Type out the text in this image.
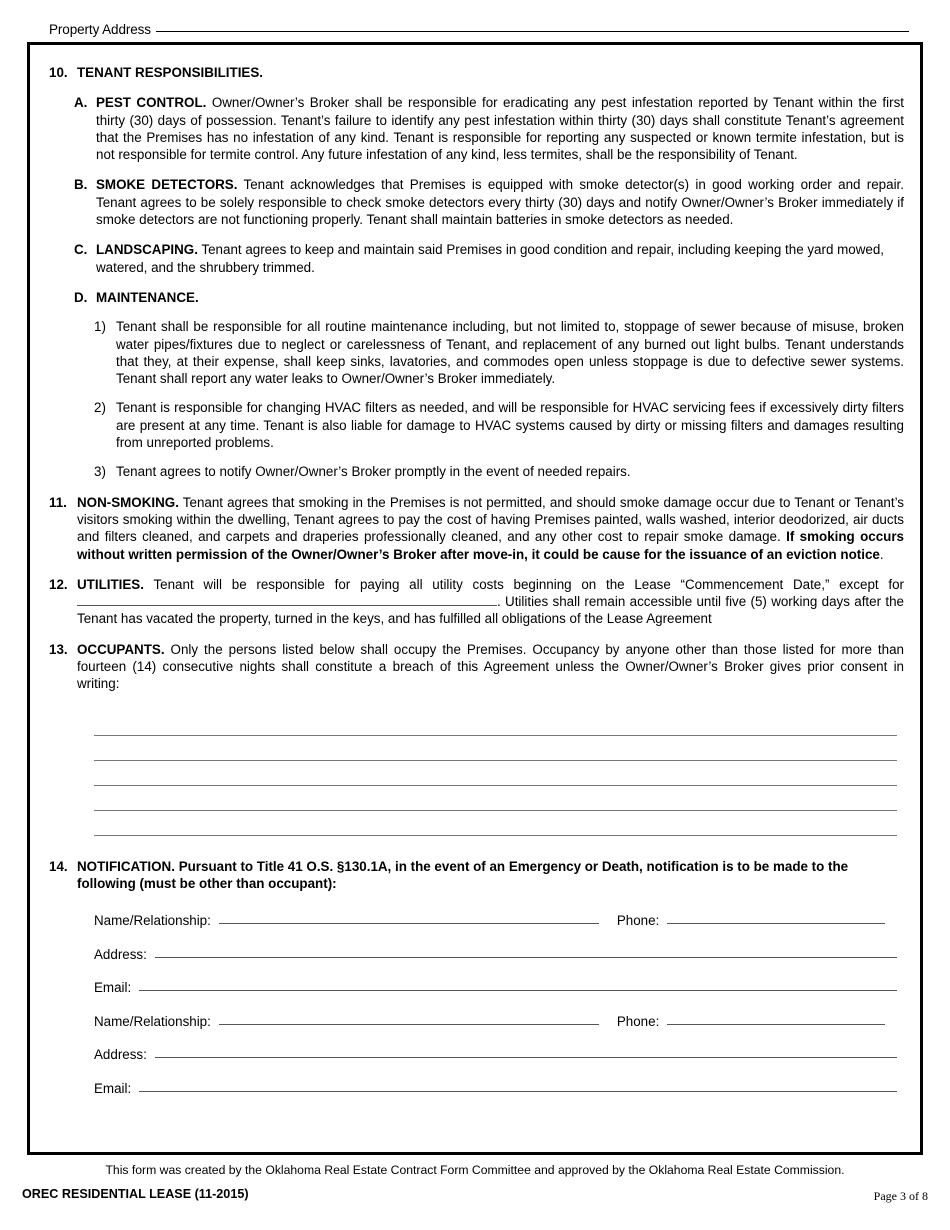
Property Address
10. TENANT RESPONSIBILITIES.
A. PEST CONTROL. Owner/Owner’s Broker shall be responsible for eradicating any pest infestation reported by Tenant within the first thirty (30) days of possession. Tenant’s failure to identify any pest infestation within thirty (30) days shall constitute Tenant’s agreement that the Premises has no infestation of any kind. Tenant is responsible for reporting any suspected or known termite infestation, but is not responsible for termite control. Any future infestation of any kind, less termites, shall be the responsibility of Tenant.
B. SMOKE DETECTORS. Tenant acknowledges that Premises is equipped with smoke detector(s) in good working order and repair. Tenant agrees to be solely responsible to check smoke detectors every thirty (30) days and notify Owner/Owner’s Broker immediately if smoke detectors are not functioning properly. Tenant shall maintain batteries in smoke detectors as needed.
C. LANDSCAPING. Tenant agrees to keep and maintain said Premises in good condition and repair, including keeping the yard mowed, watered, and the shrubbery trimmed.
D. MAINTENANCE.
1) Tenant shall be responsible for all routine maintenance including, but not limited to, stoppage of sewer because of misuse, broken water pipes/fixtures due to neglect or carelessness of Tenant, and replacement of any burned out light bulbs. Tenant understands that they, at their expense, shall keep sinks, lavatories, and commodes open unless stoppage is due to defective sewer systems. Tenant shall report any water leaks to Owner/Owner’s Broker immediately.
2) Tenant is responsible for changing HVAC filters as needed, and will be responsible for HVAC servicing fees if excessively dirty filters are present at any time. Tenant is also liable for damage to HVAC systems caused by dirty or missing filters and damages resulting from unreported problems.
3) Tenant agrees to notify Owner/Owner’s Broker promptly in the event of needed repairs.
11. NON-SMOKING. Tenant agrees that smoking in the Premises is not permitted, and should smoke damage occur due to Tenant or Tenant’s visitors smoking within the dwelling, Tenant agrees to pay the cost of having Premises painted, walls washed, interior deodorized, air ducts and filters cleaned, and carpets and draperies professionally cleaned, and any other cost to repair smoke damage. If smoking occurs without written permission of the Owner/Owner’s Broker after move-in, it could be cause for the issuance of an eviction notice.
12. UTILITIES. Tenant will be responsible for paying all utility costs beginning on the Lease “Commencement Date,” except for . Utilities shall remain accessible until five (5) working days after the Tenant has vacated the property, turned in the keys, and has fulfilled all obligations of the Lease Agreement
13. OCCUPANTS. Only the persons listed below shall occupy the Premises. Occupancy by anyone other than those listed for more than fourteen (14) consecutive nights shall constitute a breach of this Agreement unless the Owner/Owner’s Broker gives prior consent in writing:
14. NOTIFICATION. Pursuant to Title 41 O.S. §130.1A, in the event of an Emergency or Death, notification is to be made to the following (must be other than occupant):
Name/Relationship:	Phone:
Address:
Email:
Name/Relationship:	Phone:
Address:
Email:
This form was created by the Oklahoma Real Estate Contract Form Committee and approved by the Oklahoma Real Estate Commission.
OREC RESIDENTIAL LEASE (11-2015)	Page 3 of 8
